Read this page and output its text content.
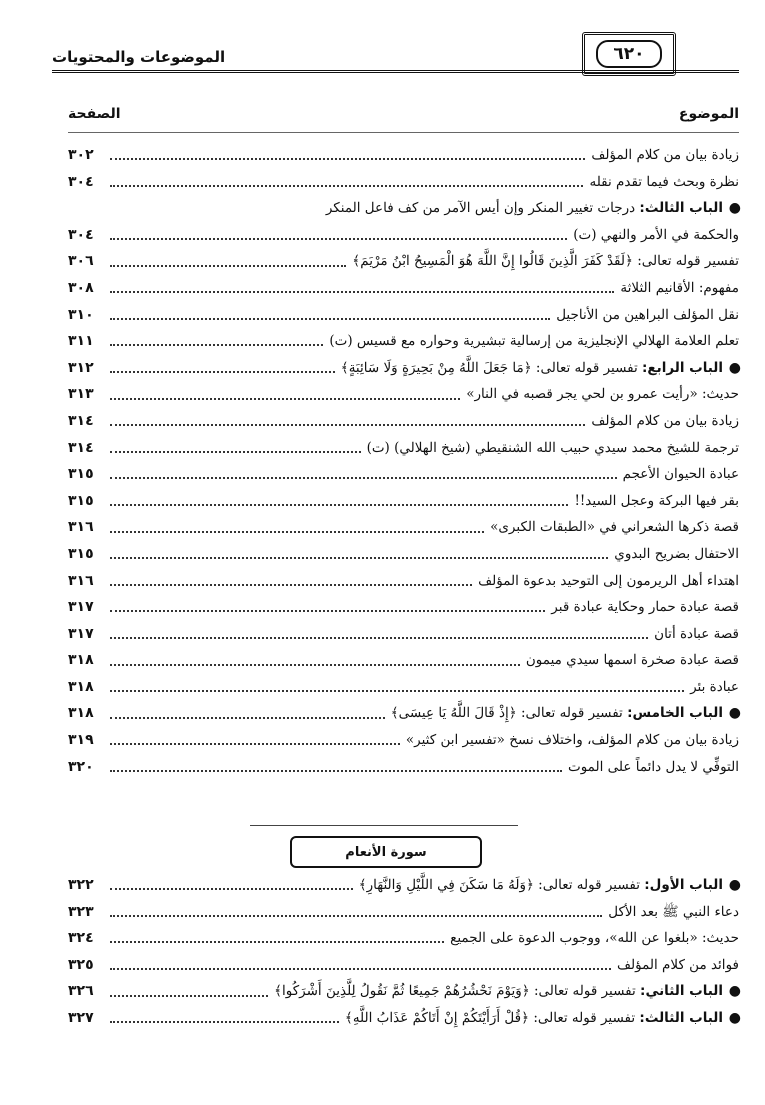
الموضوعات والمحتويات	٦٢٠
الموضوع
الصفحة
زيادة بيان من كلام المؤلف
٣٠٢
نظرة وبحث فيما تقدم نقله
٣٠٤
●
الباب الثالث: درجات تغيير المنكر وإن أيس الآمر من كف فاعل المنكر
والحكمة في الأمر والنهي (ت)
٣٠٤
تفسير قوله تعالى: ﴿لَقَدْ كَفَرَ الَّذِينَ قَالُوا إِنَّ اللَّهَ هُوَ الْمَسِيحُ ابْنُ مَرْيَمَ﴾
٣٠٦
مفهوم: الأقانيم الثلاثة
٣٠٨
نقل المؤلف البراهين من الأناجيل
٣١٠
تعلم العلامة الهلالي الإنجليزية من إرسالية تبشيرية وحواره مع قسيس (ت)
٣١١
●
الباب الرابع: تفسير قوله تعالى: ﴿مَا جَعَلَ اللَّهُ مِنْ بَحِيرَةٍ وَلَا سَائِبَةٍ﴾
٣١٢
حديث: «رأيت عمرو بن لحي يجر قصبه في النار»
٣١٣
زيادة بيان من كلام المؤلف
٣١٤
ترجمة للشيخ محمد سيدي حبيب الله الشنقيطي (شيخ الهلالي) (ت)
٣١٤
عبادة الحيوان الأعجم
٣١٥
بقر فيها البركة وعجل السيد!!
٣١٥
قصة ذكرها الشعراني في «الطبقات الكبرى»
٣١٦
الاحتفال بضريح البدوي
٣١٥
اهتداء أهل الريرمون إلى التوحيد بدعوة المؤلف
٣١٦
قصة عبادة حمار وحكاية عبادة قبر
٣١٧
قصة عبادة أتان
٣١٧
قصة عبادة صخرة اسمها سيدي ميمون
٣١٨
عبادة بئر
٣١٨
●
الباب الخامس: تفسير قوله تعالى: ﴿إِذْ قَالَ اللَّهُ يَا عِيسَى﴾
٣١٨
زيادة بيان من كلام المؤلف، واختلاف نسخ «تفسير ابن كثير»
٣١٩
التوفِّي لا يدل دائماً على الموت
٣٢٠
سورة الأنعام
●
الباب الأول: تفسير قوله تعالى: ﴿وَلَهُ مَا سَكَنَ فِي اللَّيْلِ وَالنَّهَارِ﴾
٣٢٢
دعاء النبي ﷺ بعد الأكل
٣٢٣
حديث: «بلغوا عن الله»، ووجوب الدعوة على الجميع
٣٢٤
فوائد من كلام المؤلف
٣٢٥
●
الباب الثاني: تفسير قوله تعالى: ﴿وَيَوْمَ نَحْشُرُهُمْ جَمِيعًا ثُمَّ نَقُولُ لِلَّذِينَ أَشْرَكُوا﴾
٣٢٦
●
الباب الثالث: تفسير قوله تعالى: ﴿قُلْ أَرَأَيْتَكُمْ إِنْ أَتَاكُمْ عَذَابُ اللَّهِ﴾
٣٢٧
